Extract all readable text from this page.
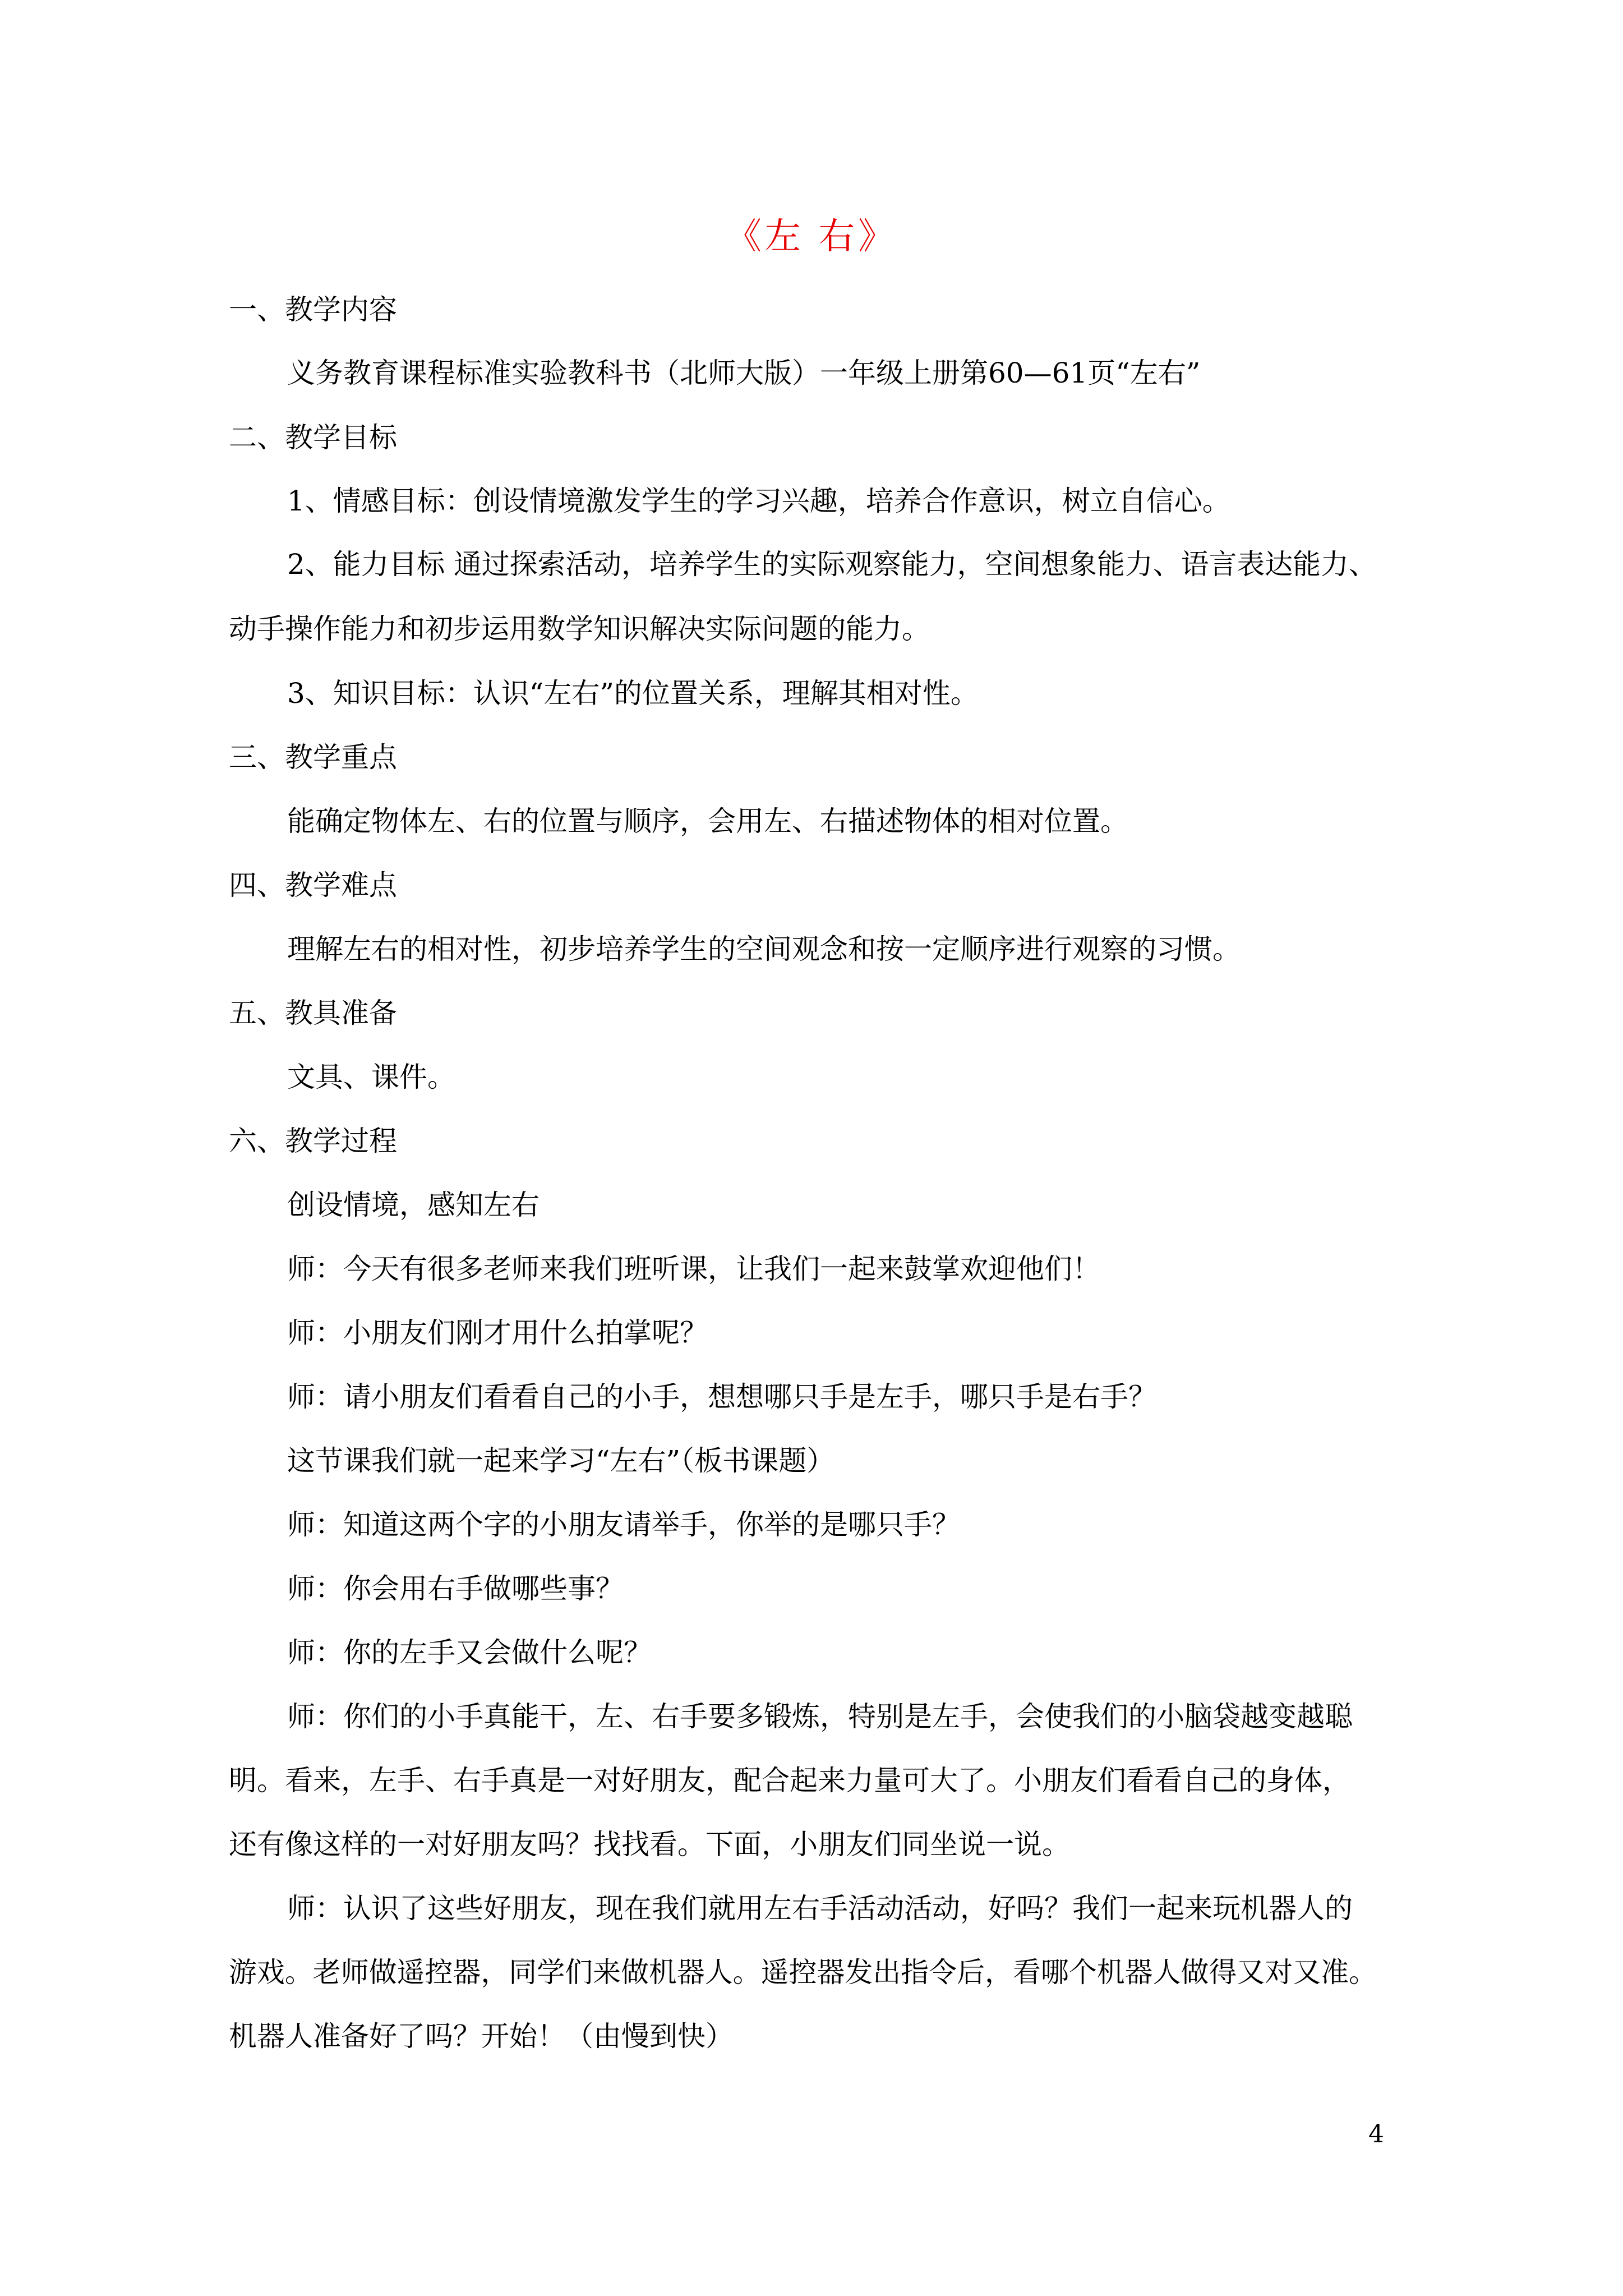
《左 右》
一、教学内容
义务教育课程标准实验教科书（北师大版）一年级上册第60—61页“左右”
二、教学目标
1、情感目标：创设情境激发学生的学习兴趣，培养合作意识，树立自信心。
2、能力目标 通过探索活动，培养学生的实际观察能力，空间想象能力、语言表达能力、
动手操作能力和初步运用数学知识解决实际问题的能力。
3、知识目标：认识“左右”的位置关系，理解其相对性。
三、教学重点
能确定物体左、右的位置与顺序，会用左、右描述物体的相对位置。
四、教学难点
理解左右的相对性，初步培养学生的空间观念和按一定顺序进行观察的习惯。
五、教具准备
文具、课件。
六、教学过程
创设情境，感知左右
师：今天有很多老师来我们班听课，让我们一起来鼓掌欢迎他们！
师：小朋友们刚才用什么拍掌呢？
师：请小朋友们看看自己的小手，想想哪只手是左手，哪只手是右手？
这节课我们就一起来学习“左右”（板书课题）
师：知道这两个字的小朋友请举手，你举的是哪只手？
师：你会用右手做哪些事？
师：你的左手又会做什么呢？
师：你们的小手真能干，左、右手要多锻炼，特别是左手，会使我们的小脑袋越变越聪
明。看来，左手、右手真是一对好朋友，配合起来力量可大了。小朋友们看看自己的身体，
还有像这样的一对好朋友吗？找找看。下面，小朋友们同坐说一说。
师：认识了这些好朋友，现在我们就用左右手活动活动，好吗？我们一起来玩机器人的
游戏。老师做遥控器，同学们来做机器人。遥控器发出指令后，看哪个机器人做得又对又准。
机器人准备好了吗？开始！（由慢到快）
4
